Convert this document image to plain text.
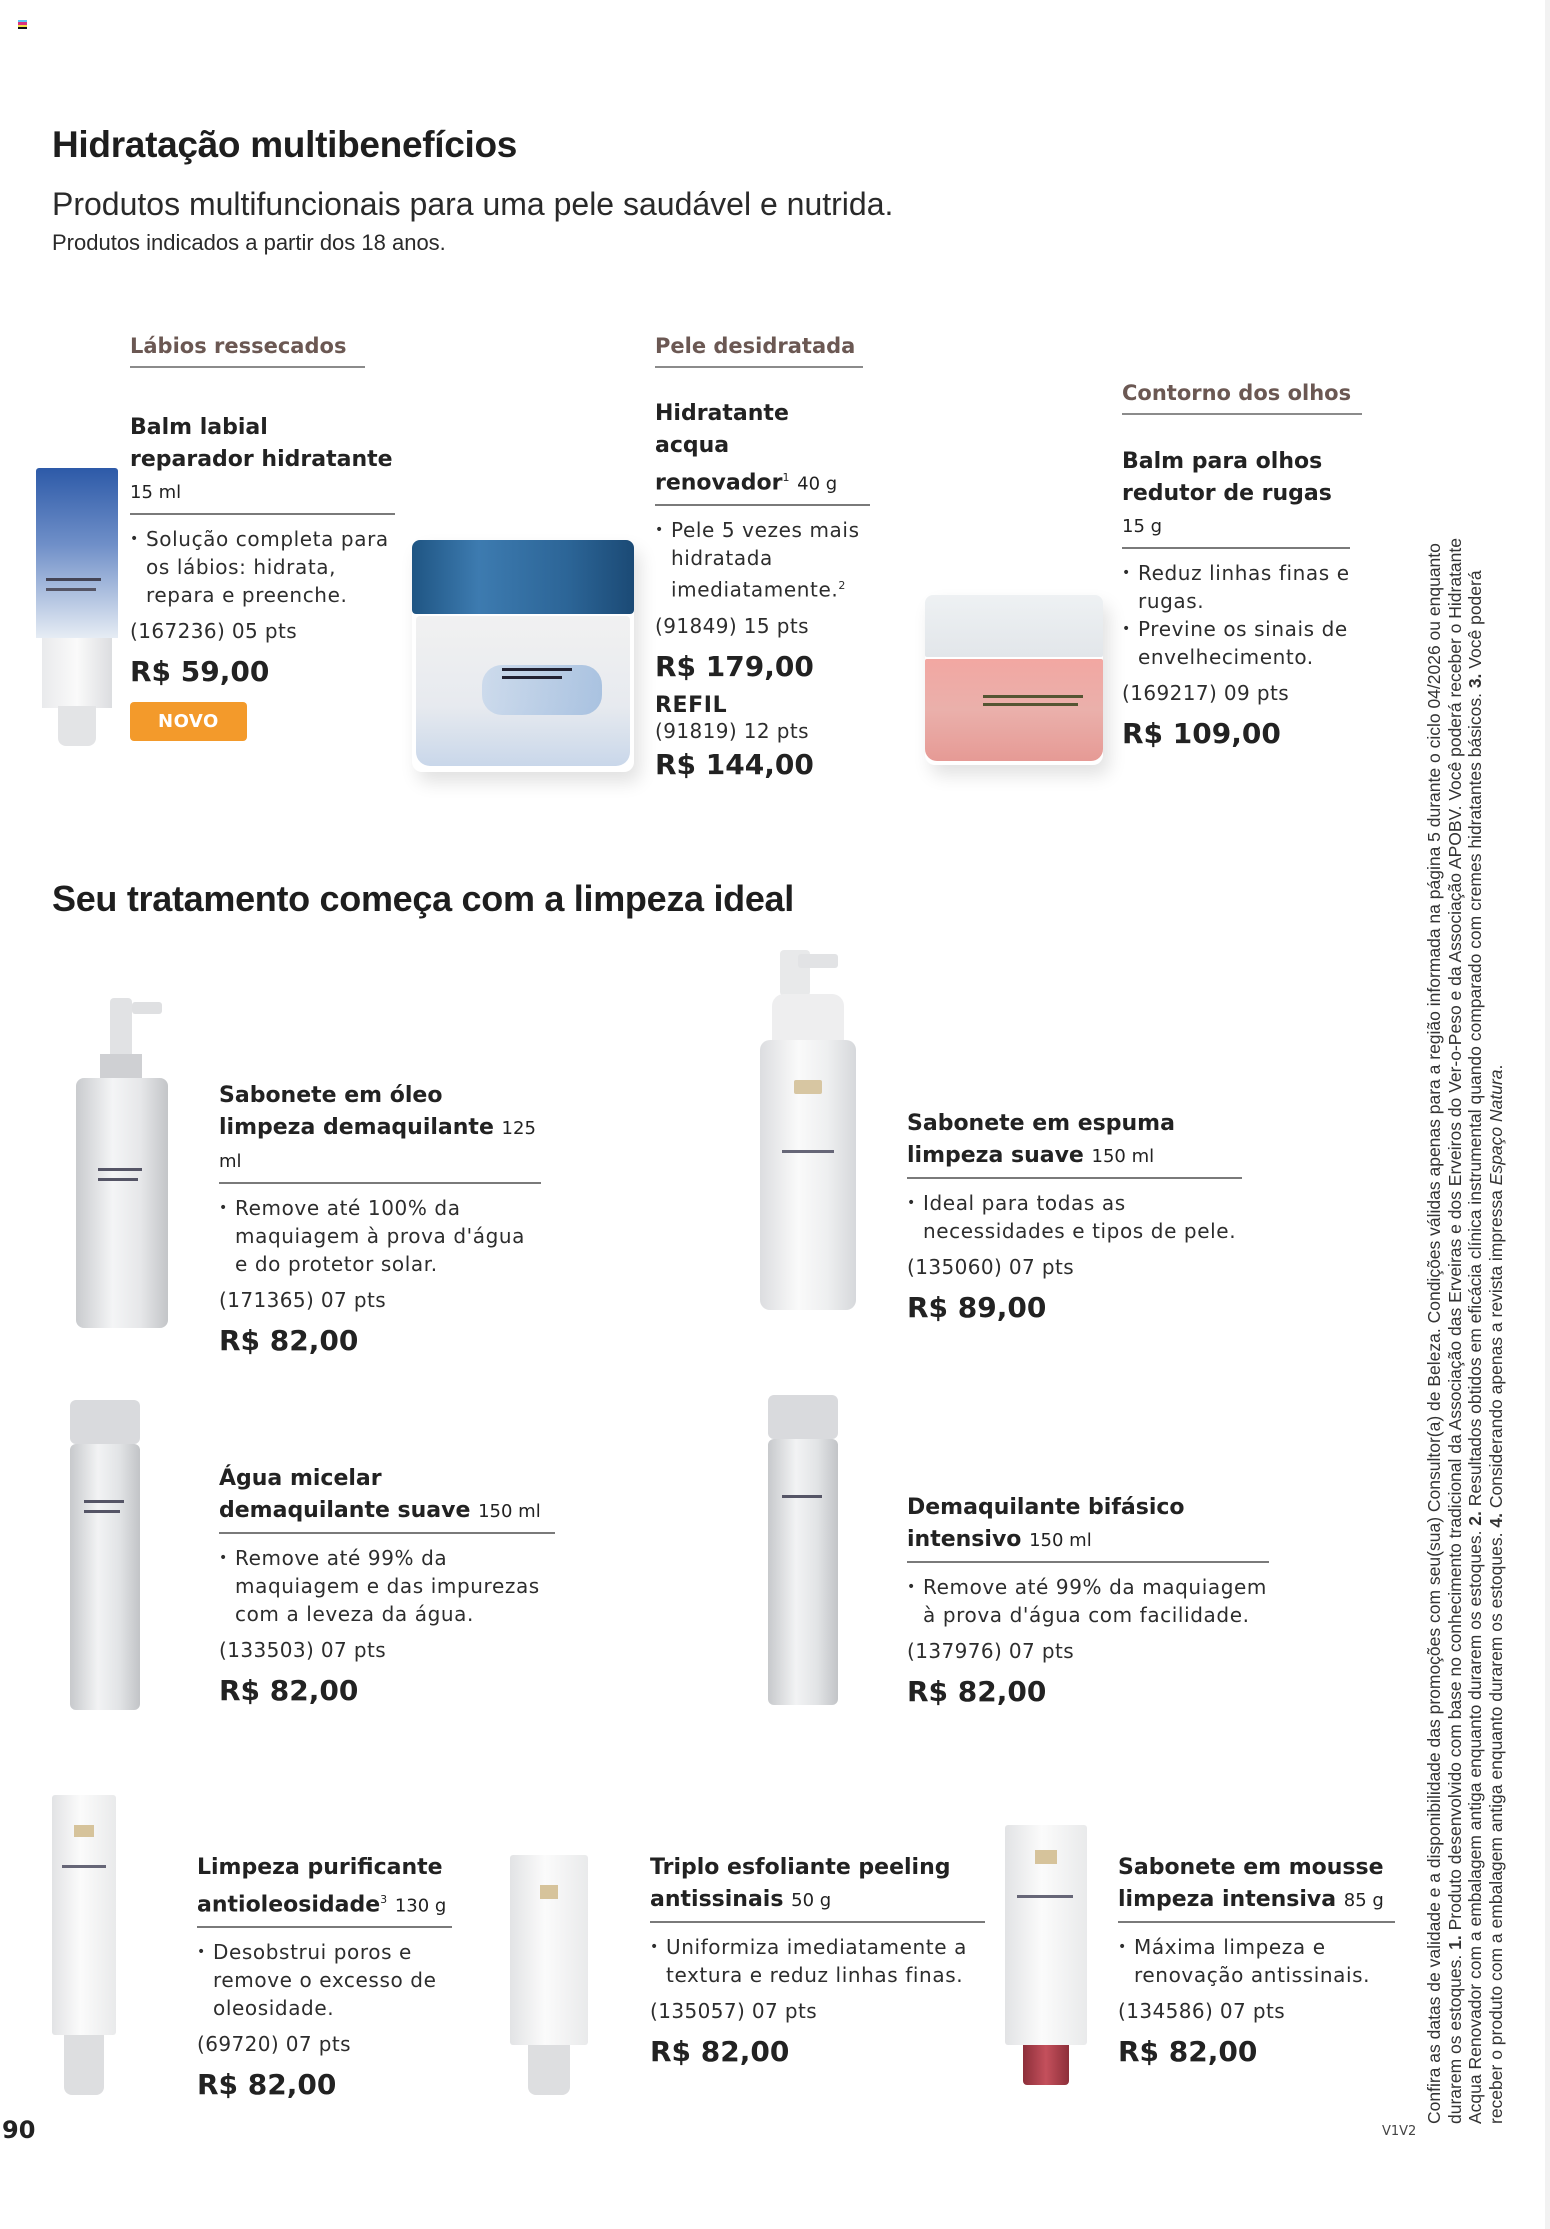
Hidratação multibenefícios
Produtos multifuncionais para uma pele saudável e nutrida.
Produtos indicados a partir dos 18 anos.
Lábios ressecados	Pele desidratada
Contorno dos olhos
Balm labial reparador hidratante 15 ml
• Solução completa para os lábios: hidrata, repara e preenche.
(167236) 05 pts
R$ 59,00
NOVO
Hidratante acqua renovador$^1$ 40 g
• Pele 5 vezes mais hidratada imediatamente.$^2$
(91849) 15 pts
R$ 179,00
REFIL
(91819) 12 pts
R$ 144,00
Balm para olhos redutor de rugas 15 g
• Reduz linhas finas e rugas.
• Previne os sinais de envelhecimento.
(169217) 09 pts
R$ 109,00
Seu tratamento começa com a limpeza ideal
Sabonete em óleo limpeza demaquilante 125 ml
• Remove até 100% da maquiagem à prova d'água e do protetor solar.
(171365) 07 pts
R$ 82,00
Sabonete em espuma limpeza suave 150 ml
• Ideal para todas as necessidades e tipos de pele.
(135060) 07 pts
R$ 89,00
Água micelar demaquilante suave 150 ml
• Remove até 99% da maquiagem e das impurezas com a leveza da água.
(133503) 07 pts
R$ 82,00
Demaquilante bifásico intensivo 150 ml
• Remove até 99% da maquiagem à prova d'água com facilidade.
(137976) 07 pts
R$ 82,00
Limpeza purificante antioleosidade$^3$ 130 g
• Desobstrui poros e remove o excesso de oleosidade.
(69720) 07 pts
R$ 82,00
Triplo esfoliante peeling antissinais 50 g
• Uniformiza imediatamente a textura e reduz linhas finas.
(135057) 07 pts
R$ 82,00
Sabonete em mousse limpeza intensiva 85 g
• Máxima limpeza e renovação antissinais.
(134586) 07 pts
R$ 82,00	Confira as datas de validade e a disponibilidade das promoções com seu(sua) Consultor(a) de Beleza. Condições válidas apenas para a região informada na página 5 durante o ciclo 04/2026 ou enquanto durarem os estoques. 1. Produto desenvolvido com base no conhecimento tradicional da Associação das Erveiras e dos Erveiros do Ver-o-Peso e da Associação APOBV. Você poderá receber o Hidratante Acqua Renovador com a embalagem antiga enquanto durarem os estoques. 2. Resultados obtidos em eficácia clínica instrumental quando comparado com cremes hidratantes básicos. 3. Você poderá
receber o produto com a embalagem antiga enquanto durarem os estoques. 4. Considerando apenas a revista impressa Espaço Natura.
90	V1V2
